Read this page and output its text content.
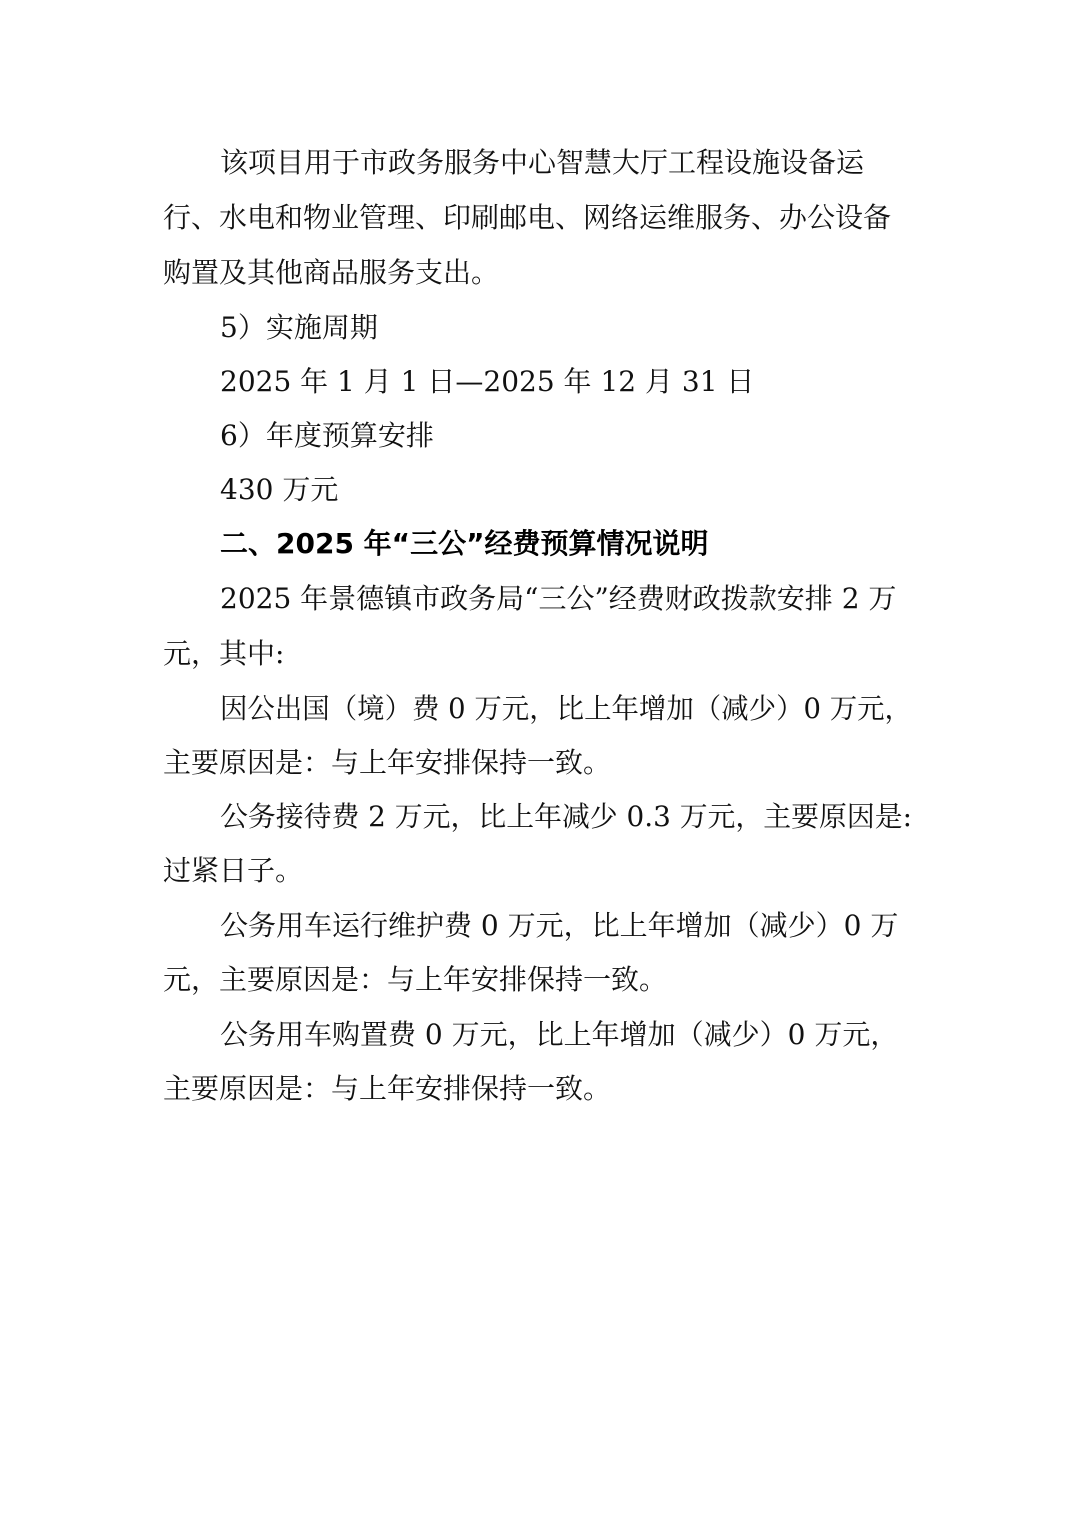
该项目用于市政务服务中心智慧大厅工程设施设备运
行、水电和物业管理、印刷邮电、网络运维服务、办公设备
购置及其他商品服务支出。
5）实施周期
2025 年 1 月 1 日—2025 年 12 月 31 日
6）年度预算安排
430 万元
二、2025 年“三公”经费预算情况说明
2025 年景德镇市政务局“三公”经费财政拨款安排 2 万
元，其中:
因公出国（境）费 0 万元，比上年增加（减少）0 万元，
主要原因是：与上年安排保持一致。
公务接待费 2 万元，比上年减少 0.3 万元，主要原因是:
过紧日子。
公务用车运行维护费 0 万元，比上年增加（减少）0 万
元，主要原因是：与上年安排保持一致。
公务用车购置费 0 万元，比上年增加（减少）0 万元，
主要原因是：与上年安排保持一致。
